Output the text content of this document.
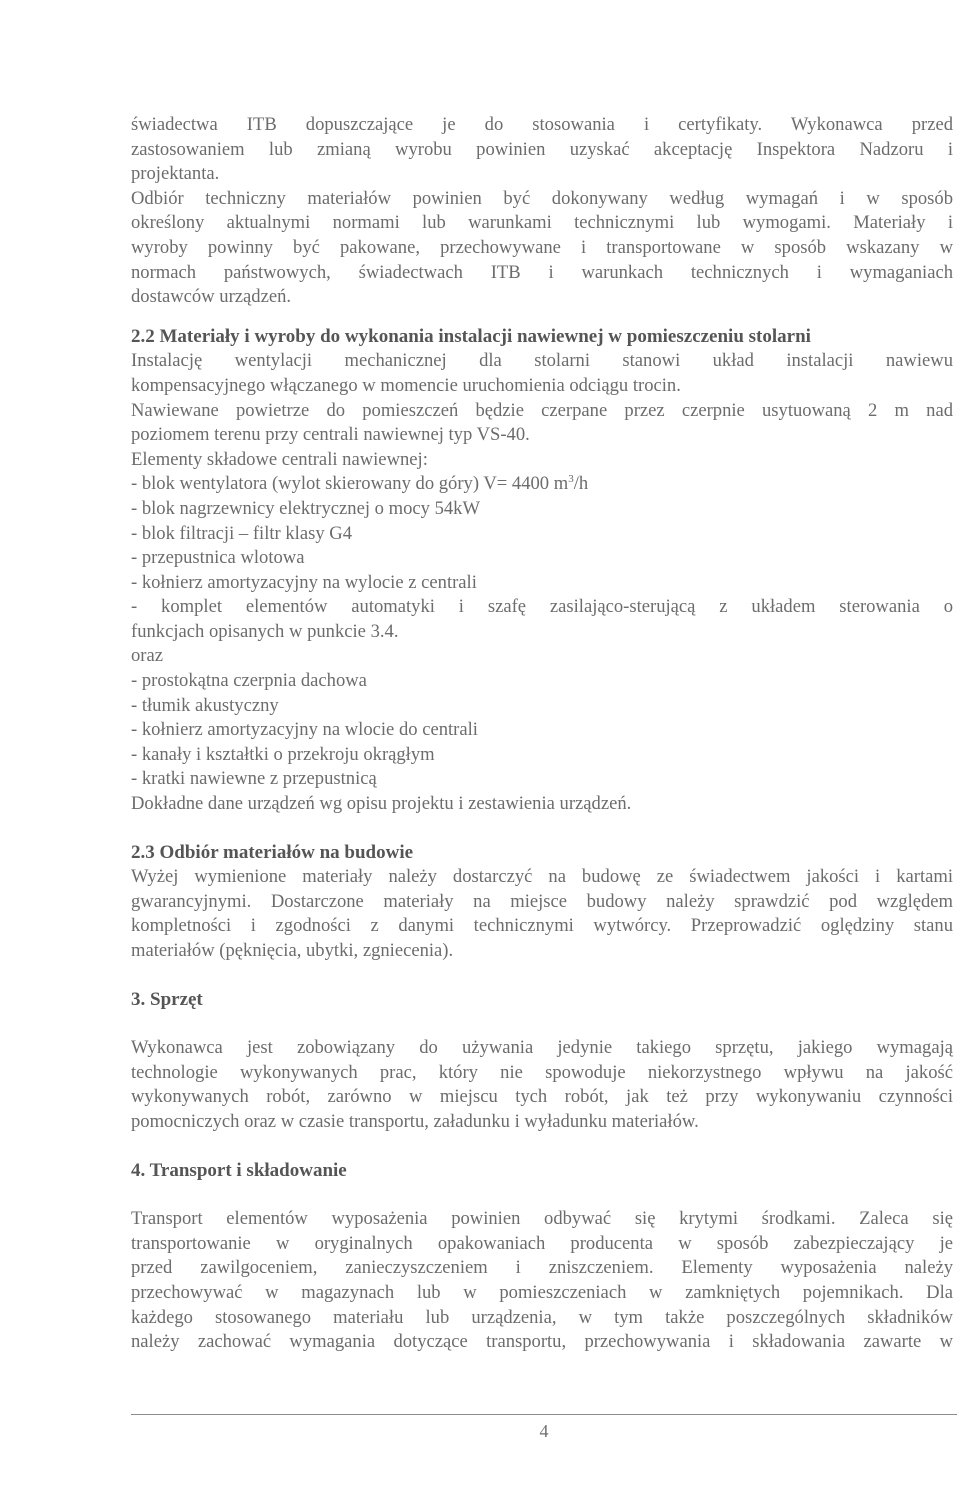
świadectwa ITB dopuszczające je do stosowania i certyfikaty. Wykonawca przed
zastosowaniem lub zmianą wyrobu powinien uzyskać akceptację Inspektora Nadzoru i
projektanta.

Odbiór techniczny materiałów powinien być dokonywany według wymagań i w sposób
określony aktualnymi normami lub warunkami technicznymi lub wymogami. Materiały i
wyroby powinny być pakowane, przechowywane i transportowane w sposób wskazany w
normach państwowych, świadectwach ITB i warunkach technicznych i wymaganiach
dostawców urządzeń.

2.2 Materiały i wyroby do wykonania instalacji nawiewnej w pomieszczeniu stolarni

Instalację wentylacji mechanicznej dla stolarni stanowi układ instalacji nawiewu
kompensacyjnego włączanego w momencie uruchomienia odciągu trocin.

Nawiewane powietrze do pomieszczeń będzie czerpane przez czerpnie usytuowaną 2 m nad
poziomem terenu przy centrali nawiewnej typ VS-40.

Elementy składowe centrali nawiewnej:

- blok wentylatora (wylot skierowany do góry) V= 4400 $m^3/h$
- blok nagrzewnicy elektrycznej o mocy 54kW
- blok filtracji – filtr klasy G4
- przepustnica wlotowa
- kołnierz amortyzacyjny na wylocie z centrali

- komplet elementów automatyki i szafę zasilająco-sterującą z układem sterowania o
funkcjach opisanych w punkcie 3.4.

oraz

- prostokątna czerpnia dachowa
- tłumik akustyczny
- kołnierz amortyzacyjny na wlocie do centrali
- kanały i kształtki o przekroju okrągłym
- kratki nawiewne z przepustnicą

Dokładne dane urządzeń wg opisu projektu i zestawienia urządzeń.

2.3 Odbiór materiałów na budowie

Wyżej wymienione materiały należy dostarczyć na budowę ze świadectwem jakości i kartami
gwarancyjnymi. Dostarczone materiały na miejsce budowy należy sprawdzić pod względem
kompletności i zgodności z danymi technicznymi wytwórcy. Przeprowadzić oględziny stanu
materiałów (pęknięcia, ubytki, zgniecenia).

3. Sprzęt

Wykonawca jest zobowiązany do używania jedynie takiego sprzętu, jakiego wymagają
technologie wykonywanych prac, który nie spowoduje niekorzystnego wpływu na jakość
wykonywanych robót, zarówno w miejscu tych robót, jak też przy wykonywaniu czynności
pomocniczych oraz w czasie transportu, załadunku i wyładunku materiałów.

4. Transport i składowanie

Transport elementów wyposażenia powinien odbywać się krytymi środkami. Zaleca się
transportowanie w oryginalnych opakowaniach producenta w sposób zabezpieczający je
przed zawilgoceniem, zanieczyszczeniem i zniszczeniem. Elementy wyposażenia należy
przechowywać w magazynach lub w pomieszczeniach w zamkniętych pojemnikach. Dla
każdego stosowanego materiału lub urządzenia, w tym także poszczególnych składników
należy zachować wymagania dotyczące transportu, przechowywania i składowania zawarte w

4
